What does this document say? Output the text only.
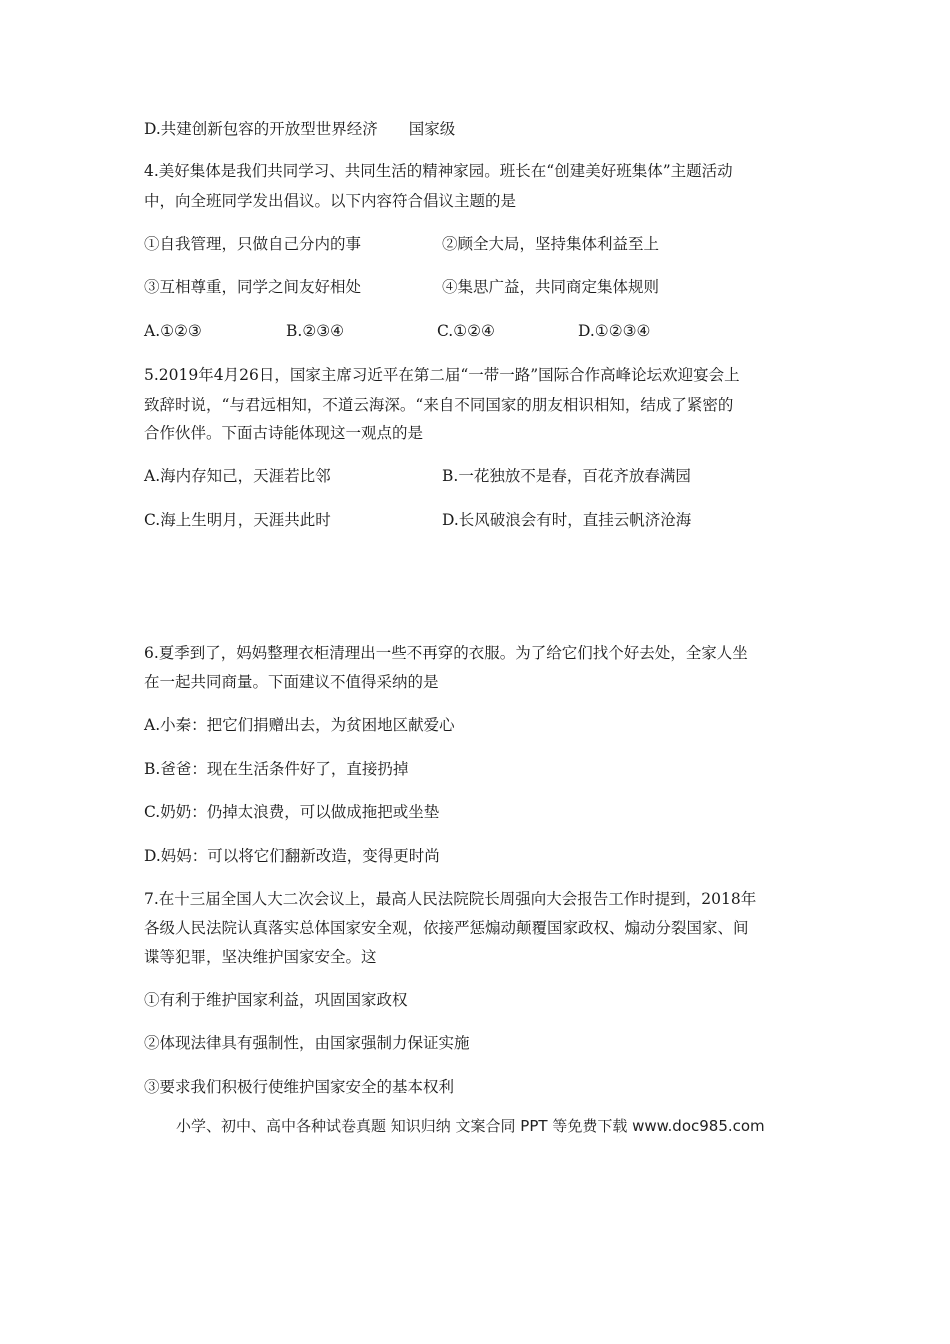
D.共建创新包容的开放型世界经济　　国家级
4.美好集体是我们共同学习、共同生活的精神家园。班长在“创建美好班集体”主题活动
中，向全班同学发出倡议。以下内容符合倡议主题的是
①自我管理，只做自己分内的事	②顾全大局，坚持集体利益至上
③互相尊重，同学之间友好相处	④集思广益，共同商定集体规则
A.①②③	B.②③④	C.①②④	D.①②③④
5.2019年4月26日，国家主席习近平在第二届“一带一路”国际合作高峰论坛欢迎宴会上
致辞时说，“与君远相知，不道云海深。“来自不同国家的朋友相识相知，结成了紧密的
合作伙伴。下面古诗能体现这一观点的是
A.海内存知己，天涯若比邻	B.一花独放不是春，百花齐放春满园
C.海上生明月，天涯共此时	D.长风破浪会有时，直挂云帆济沧海
6.夏季到了，妈妈整理衣柜清理出一些不再穿的衣服。为了给它们找个好去处，全家人坐
在一起共同商量。下面建议不值得采纳的是
A.小秦：把它们捐赠出去，为贫困地区献爱心
B.爸爸：现在生活条件好了，直接扔掉
C.奶奶：仍掉太浪费，可以做成拖把或坐垫
D.妈妈：可以将它们翻新改造，变得更时尚
7.在十三届全国人大二次会议上，最高人民法院院长周强向大会报告工作时提到，2018年
各级人民法院认真落实总体国家安全观，依接严惩煽动颠覆国家政权、煽动分裂国家、间
谍等犯罪，坚决维护国家安全。这
①有利于维护国家利益，巩固国家政权
②体现法律具有强制性，由国家强制力保证实施
③要求我们积极行使维护国家安全的基本权利
小学、初中、高中各种试卷真题 知识归纳 文案合同 PPT 等免费下载 www.doc985.com
